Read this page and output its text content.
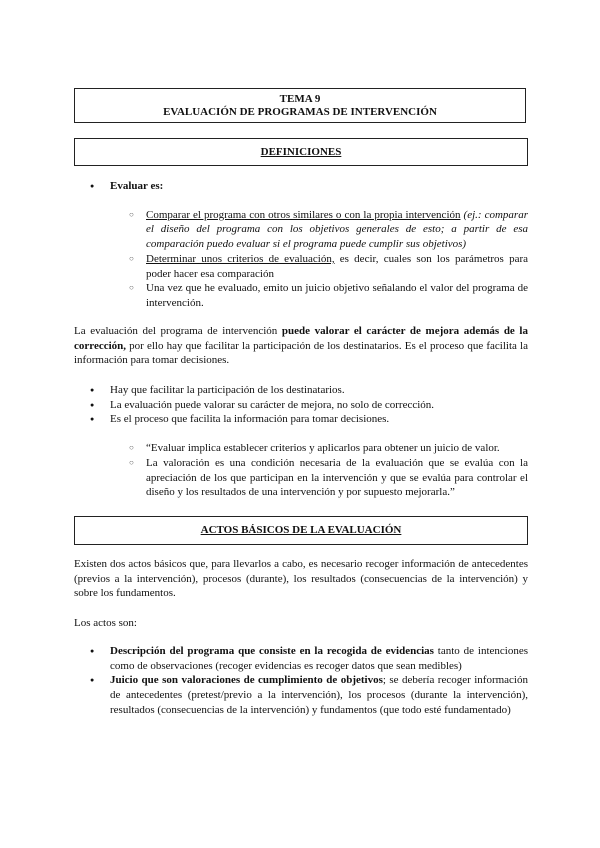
TEMA 9
EVALUACIÓN DE PROGRAMAS DE INTERVENCIÓN
DEFINICIONES
● Evaluar es:
○ Comparar el programa con otros similares o con la propia intervención (ej.: comparar el diseño del programa con los objetivos generales de esto; a partir de esa comparación puedo evaluar si el programa puede cumplir sus objetivos)
○ Determinar unos criterios de evaluación, es decir, cuales son los parámetros para poder hacer esa comparación
○ Una vez que he evaluado, emito un juicio objetivo señalando el valor del programa de intervención.
La evaluación del programa de intervención puede valorar el carácter de mejora además de la corrección, por ello hay que facilitar la participación de los destinatarios. Es el proceso que facilita la información para tomar decisiones.
● Hay que facilitar la participación de los destinatarios.
● La evaluación puede valorar su carácter de mejora, no solo de corrección.
● Es el proceso que facilita la información para tomar decisiones.
○ “Evaluar implica establecer criterios y aplicarlos para obtener un juicio de valor.
○ La valoración es una condición necesaria de la evaluación que se evalúa con la apreciación de los que participan en la intervención y que se evalúa para controlar el diseño y los resultados de una intervención y por supuesto mejorarla.”
ACTOS BÁSICOS DE LA EVALUACIÓN
Existen dos actos básicos que, para llevarlos a cabo, es necesario recoger información de antecedentes (previos a la intervención), procesos (durante), los resultados (consecuencias de la intervención) y sobre los fundamentos.
Los actos son:
● Descripción del programa que consiste en la recogida de evidencias tanto de intenciones como de observaciones (recoger evidencias es recoger datos que sean medibles)
● Juicio que son valoraciones de cumplimiento de objetivos; se debería recoger información de antecedentes (pretest/previo a la intervención), los procesos (durante la intervención), resultados (consecuencias de la intervención) y fundamentos (que todo esté fundamentado)
